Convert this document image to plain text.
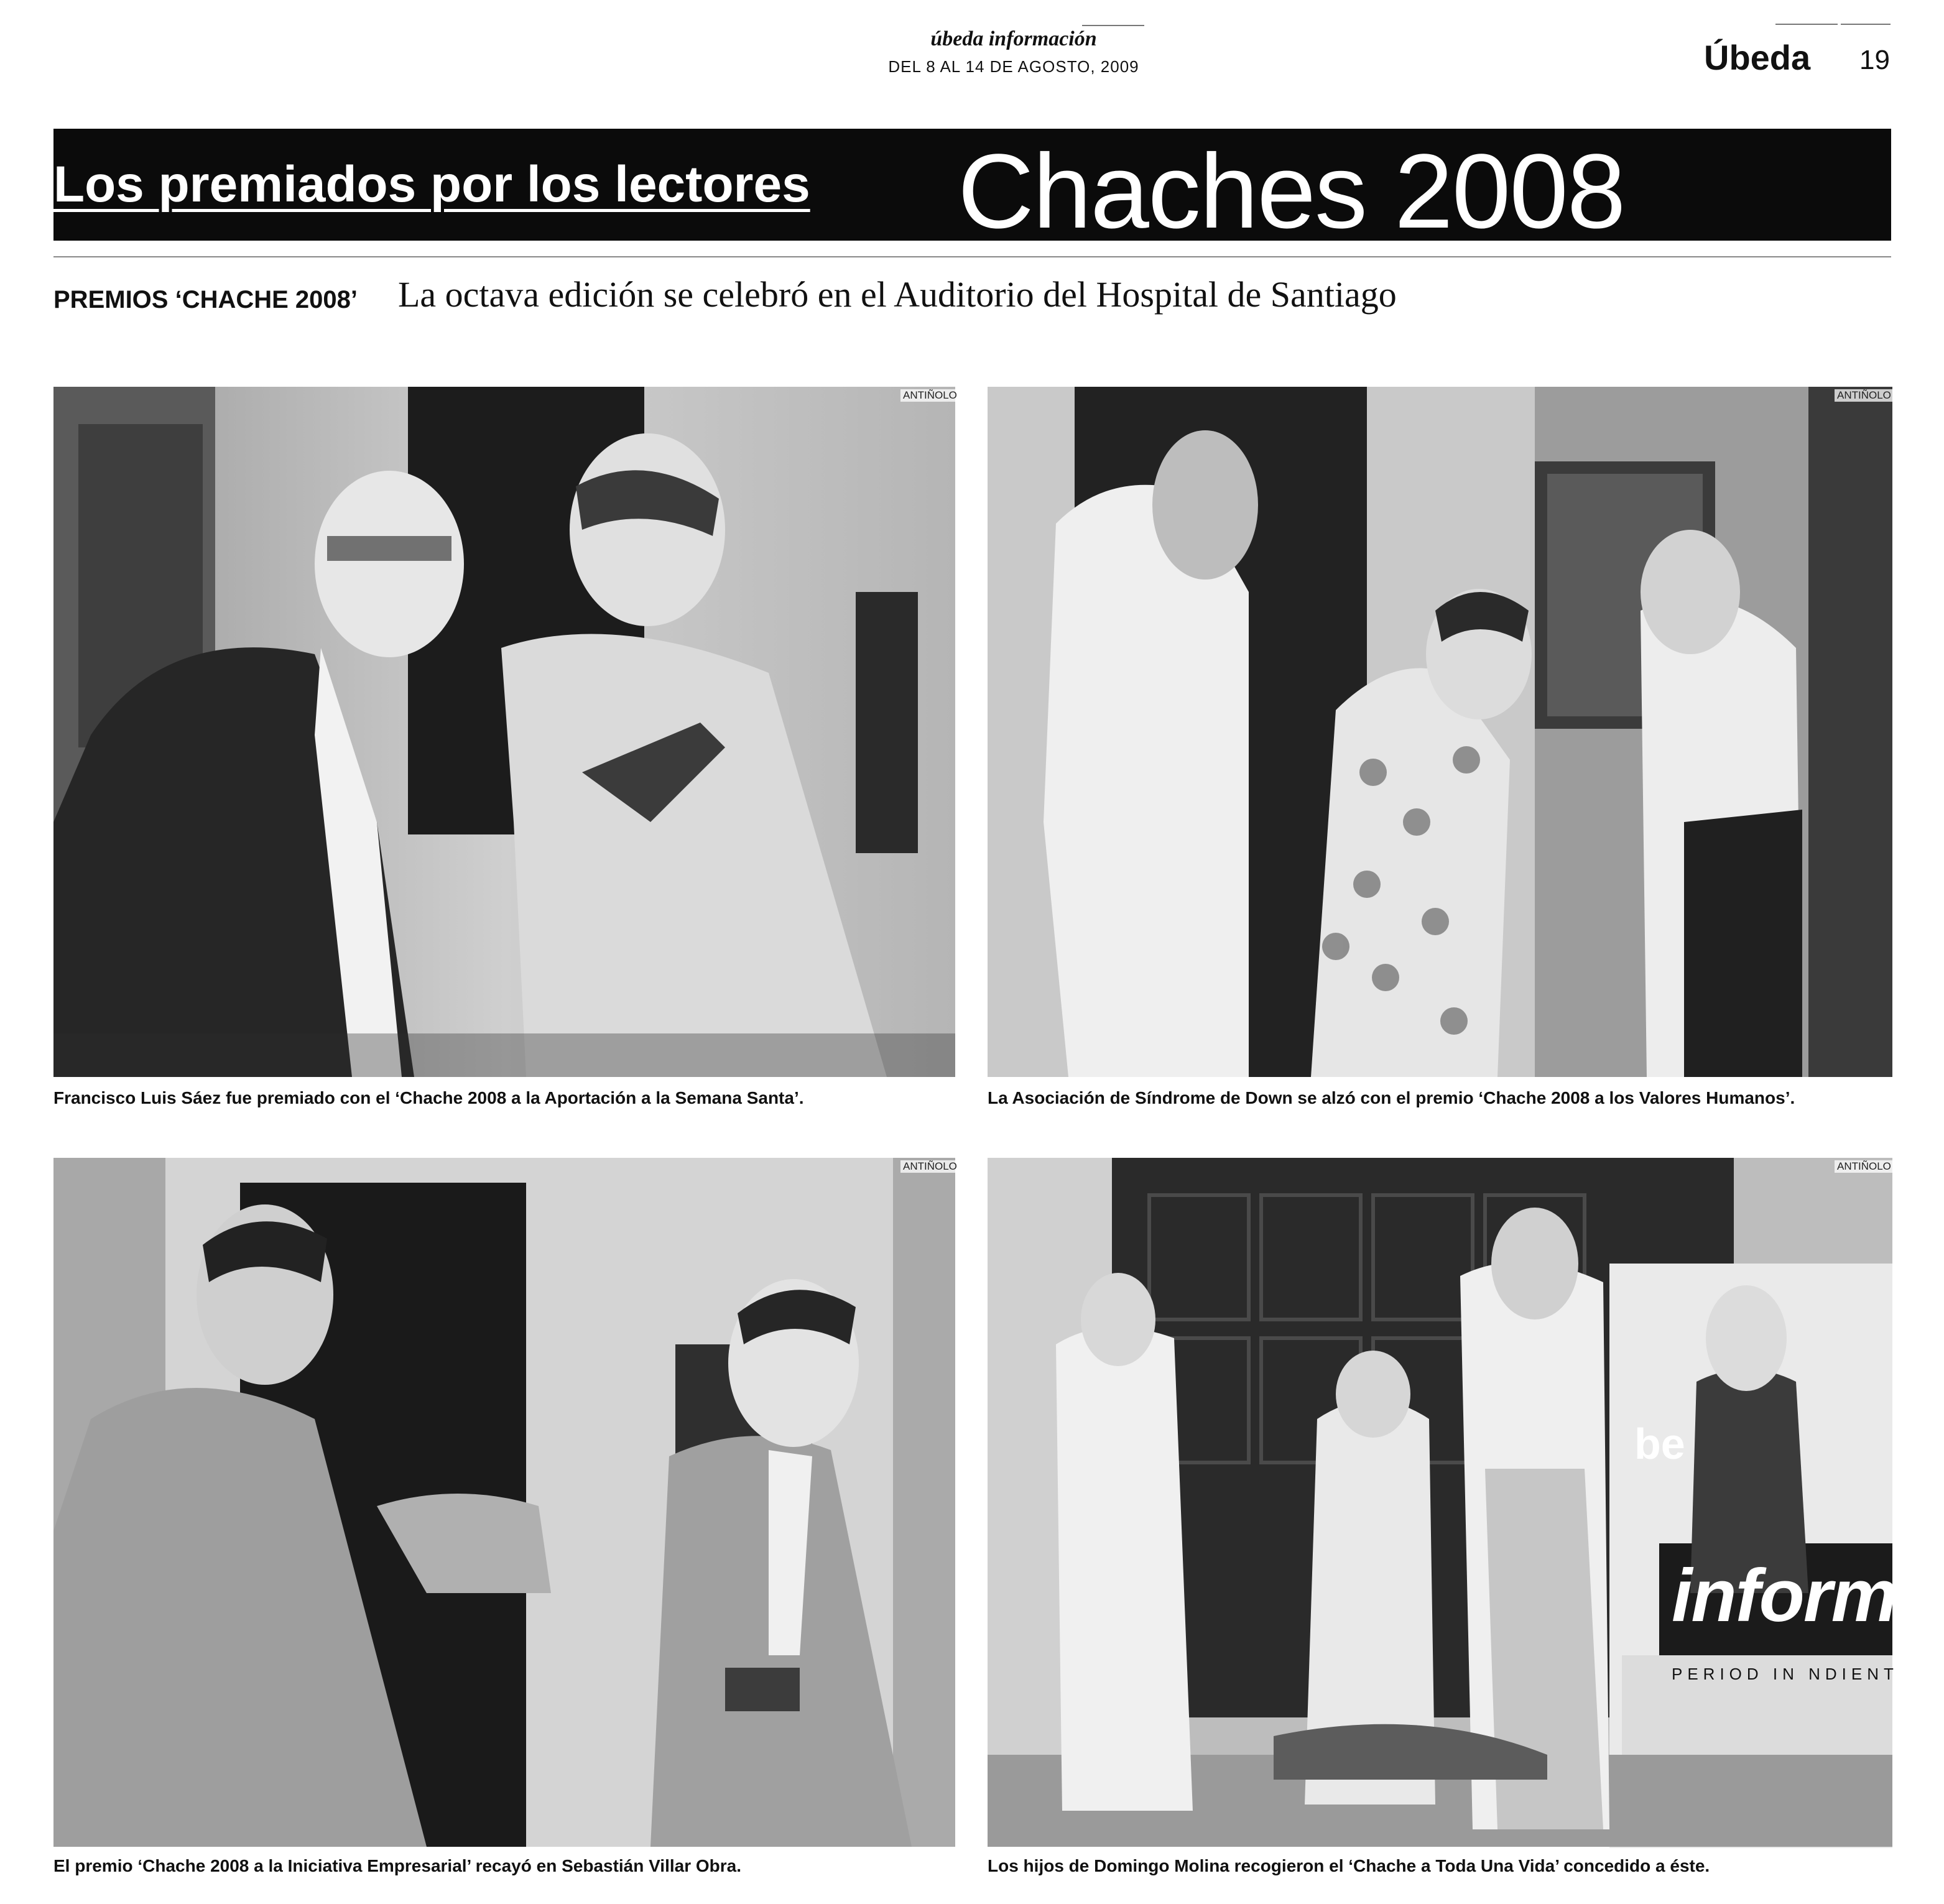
úbeda información
DEL 8 AL 14 DE AGOSTO, 2009	Úbeda 19
Los premiados por los lectores Chaches 2008
PREMIOS ‘CHACHE 2008’ La octava edición se celebró en el Auditorio del Hospital de Santiago
ANTIÑOLO
Francisco Luis Sáez fue premiado con el ‘Chache 2008 a la Aportación a la Semana Santa’.
ANTIÑOLO
La Asociación de Síndrome de Down se alzó con el premio ‘Chache 2008 a los Valores Humanos’.
ANTIÑOLO
El premio ‘Chache 2008 a la Iniciativa Empresarial’ recayó en Sebastián Villar Obra.
be
informa
PERIOD IN NDIENT
ANTIÑOLO
Los hijos de Domingo Molina recogieron el ‘Chache a Toda Una Vida’ concedido a éste.
